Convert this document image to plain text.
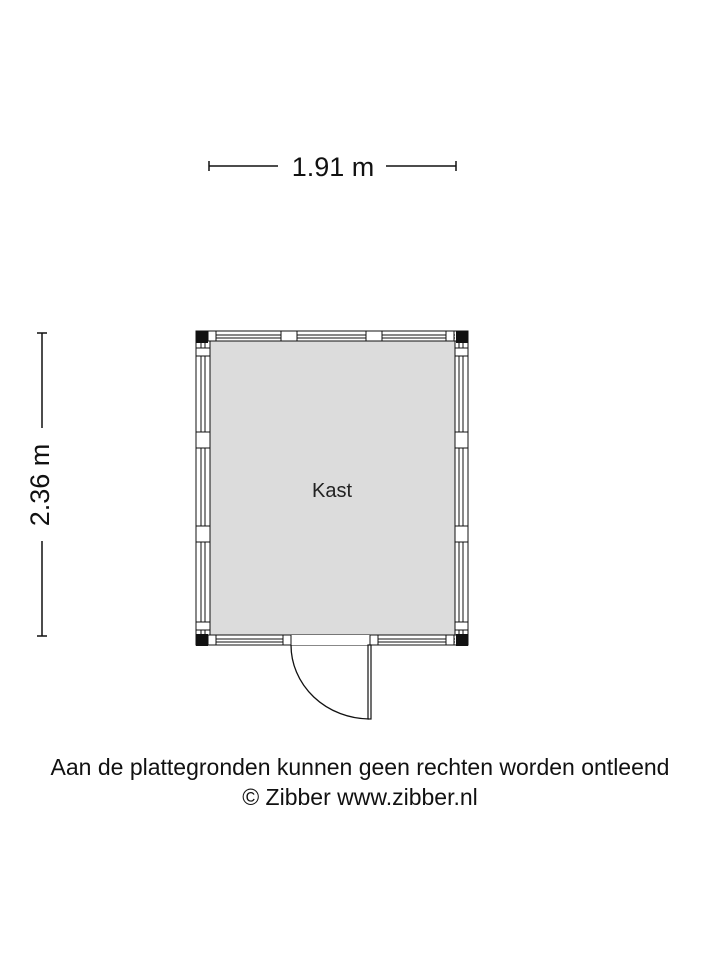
1.91 m
2.36 m	Kast
Aan de plattegronden kunnen geen rechten worden ontleend
© Zibber www.zibber.nl
